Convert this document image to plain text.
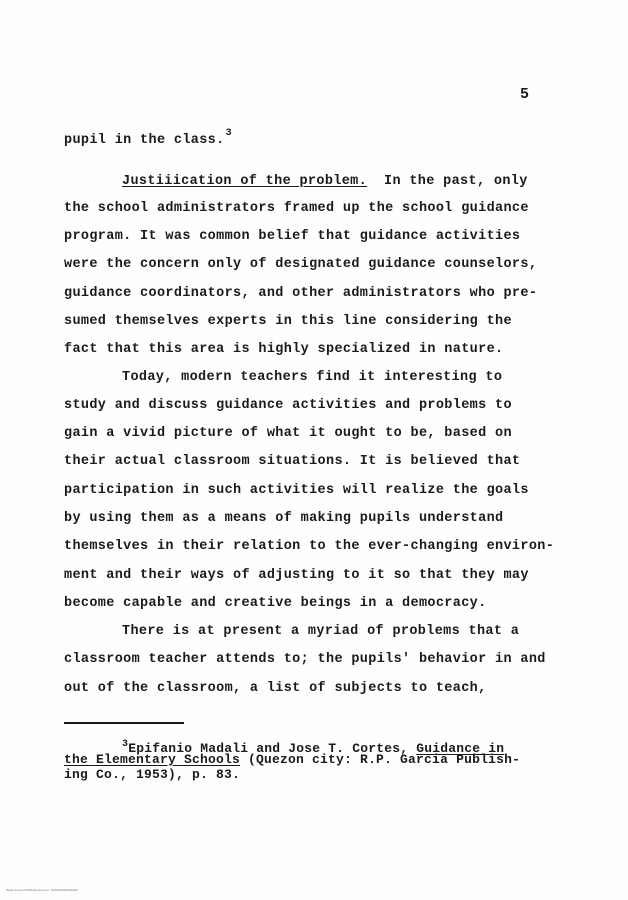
5
pupil in the class.$^3$
Justiiication of the problem.  In the past, only
the school administrators framed up the school guidance
program. It was common belief that guidance activities
were the concern only of designated guidance counselors,
guidance coordinators, and other administrators who pre-
sumed themselves experts in this line considering the
fact that this area is highly specialized in nature.
Today, modern teachers find it interesting to
study and discuss guidance activities and problems to
gain a vivid picture of what it ought to be, based on
their actual classroom situations. It is believed that
participation in such activities will realize the goals
by using them as a means of making pupils understand
themselves in their relation to the ever-changing environ-
ment and their ways of adjusting to it so that they may
become capable and creative beings in a democracy.
There is at present a myriad of problems that a
classroom teacher attends to; the pupils' behavior in and
out of the classroom, a list of subjects to teach,
$^3$Epifanio Madali and Jose T. Cortes, Guidance in
the Elementary Schools (Quezon city: R.P. Garcia Publish-
ing Co., 1953), p. 83.
MadaliJose1953EdGuidance NLPH00000000000
